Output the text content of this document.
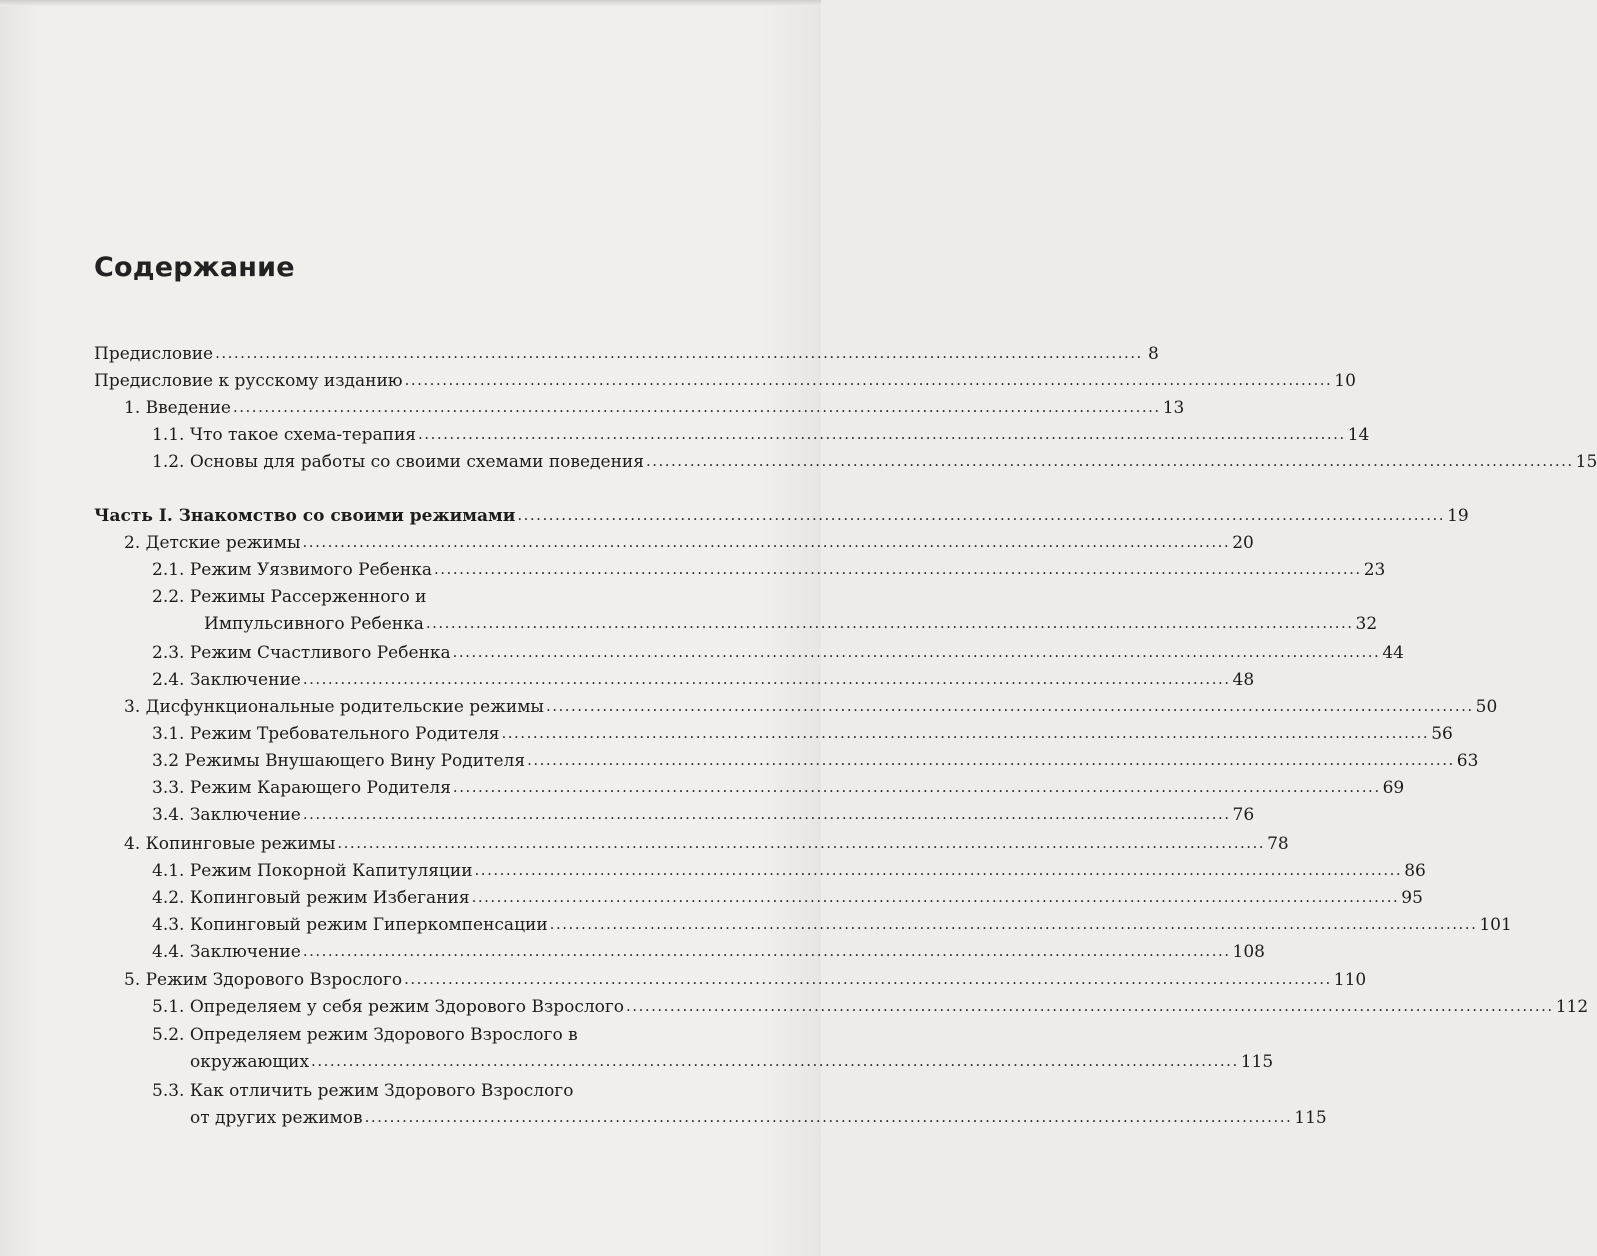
Содержание
Предисловие .................................................................................................................................................... 8
Предисловие к русскому изданию .................................................................................................................................................... 10
1. Введение .................................................................................................................................................... 13
1.1. Что такое схема-терапия .................................................................................................................................................... 14
1.2. Основы для работы со своими схемами поведения .................................................................................................................................................... 15
Часть I. Знакомство со своими режимами .................................................................................................................................................... 19
2. Детские режимы .................................................................................................................................................... 20
2.1. Режим Уязвимого Ребенка .................................................................................................................................................... 23
2.2. Режимы Рассерженного и
Импульсивного Ребенка .................................................................................................................................................... 32
2.3. Режим Счастливого Ребенка .................................................................................................................................................... 44
2.4. Заключение .................................................................................................................................................... 48
3. Дисфункциональные родительские режимы .................................................................................................................................................... 50
3.1. Режим Требовательного Родителя .................................................................................................................................................... 56
3.2 Режимы Внушающего Вину Родителя .................................................................................................................................................... 63
3.3. Режим Карающего Родителя .................................................................................................................................................... 69
3.4. Заключение .................................................................................................................................................... 76
4. Копинговые режимы .................................................................................................................................................... 78
4.1. Режим Покорной Капитуляции .................................................................................................................................................... 86
4.2. Копинговый режим Избегания .................................................................................................................................................... 95
4.3. Копинговый режим Гиперкомпенсации .................................................................................................................................................... 101
4.4. Заключение .................................................................................................................................................... 108
5. Режим Здорового Взрослого .................................................................................................................................................... 110
5.1. Определяем у себя режим Здорового Взрослого .................................................................................................................................................... 112
5.2. Определяем режим Здорового Взрослого в
окружающих .................................................................................................................................................... 115
5.3. Как отличить режим Здорового Взрослого
от других режимов .................................................................................................................................................... 115
